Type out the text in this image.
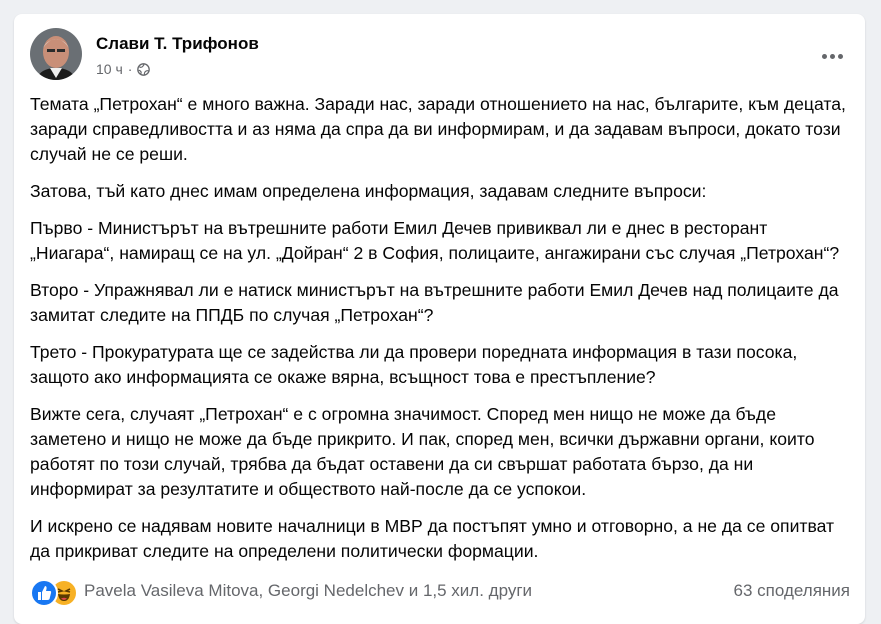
Слави Т. Трифонов
10 ч ·

Темата „Петрохан“ е много важна. Заради нас, заради отношението на нас, българите, към децата, заради справедливостта и аз няма да спра да ви информирам, и да задавам въпроси, докато този случай не се реши.

Затова, тъй като днес имам определена информация, задавам следните въпроси:

Първо - Министърът на вътрешните работи Емил Дечев привиквал ли е днес в ресторант „Ниагара“, намиращ се на ул. „Дойран“ 2 в София, полицаите, ангажирани със случая „Петрохан“?

Второ - Упражнявал ли е натиск министърът на вътрешните работи Емил Дечев над полицаите да замитат следите на ППДБ по случая „Петрохан“?

Трето - Прокуратурата ще се задейства ли да провери поредната информация в тази посока, защото ако информацията се окаже вярна, всъщност това е престъпление?

Вижте сега, случаят „Петрохан“ е с огромна значимост. Според мен нищо не може да бъде заметено и нищо не може да бъде прикрито. И пак, според мен, всички държавни органи, които работят по този случай, трябва да бъдат оставени да си свършат работата бързо, да ни информират за резултатите и обществото най-после да се успокои.

И искрено се надявам новите началници в МВР да постъпят умно и отговорно, а не да се опитват да прикриват следите на определени политически формации.

Pavela Vasileva Mitova, Georgi Nedelchev и 1,5 хил. други	63 споделяния
